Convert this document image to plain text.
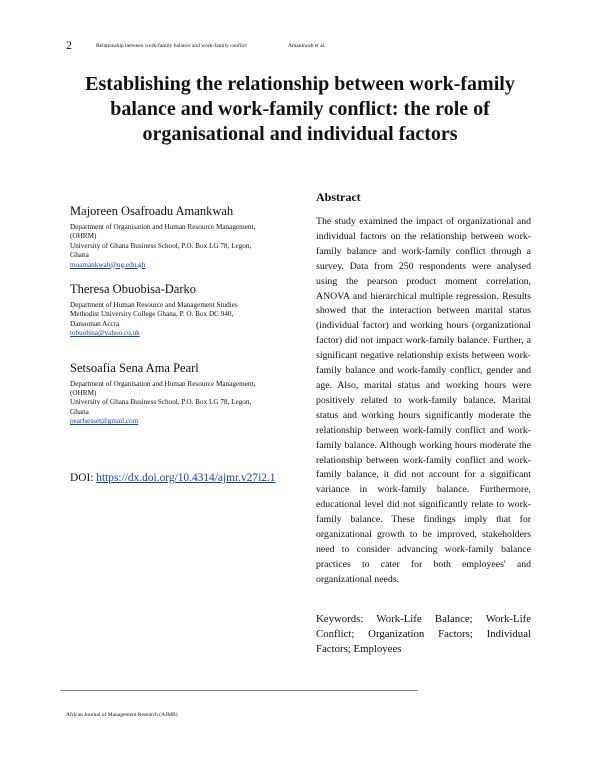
2	Relationship between work-family balance and work-family conflict	Amankwah et al.
Establishing the relationship between work-family balance and work-family conflict: the role of organisational and individual factors

Majoreen Osafroadu Amankwah

Department of Organisation and Human Resource Management,

(OHRM)

University of Ghana Business School, P.O. Box LG 78, Legon,

Ghana

moamankwah@ug.edu.gh

Theresa Obuobisa-Darko

Department of Human Resource and Management Studies

Methodist University College Ghana, P. O. Box DC 940,

Dansoman Accra

tobuobisa@yahoo.co.uk

Setsoafia Sena Ama Pearl

Department of Organisation and Human Resource Management,

(OHRM)

University of Ghana Business School, P.O. Box LG 78, Legon,

Ghana

pearlsesset@gmail.com

DOI: https://dx.doi.org/10.4314/ajmr.v27i2.1

Abstract

The study examined the impact of organizational and individual factors on the relationship between work-family balance and work-family conflict through a survey. Data from 250 respondents were analysed using the pearson product moment correlation, ANOVA and hierarchical multiple regression. Results showed that the interaction between marital status (individual factor) and working hours (organizational factor) did not impact work-family balance. Further, a significant negative relationship exists between work-family balance and work-family conflict, gender and age. Also, marital status and working hours were positively related to work-family balance. Marital status and working hours significantly moderate the relationship between work-family conflict and work-family balance. Although working hours moderate the relationship between work-family conflict and work-family balance, it did not account for a significant variance in work-family balance. Furthermore, educational level did not significantly relate to work-family balance. These findings imply that for organizational growth to be improved, stakeholders need to consider advancing work-family balance practices to cater for both employees' and organizational needs.

Keywords: Work-Life Balance; Work-Life Conflict; Organization Factors; Individual Factors; Employees

African Journal of Management Research (AJMR)
